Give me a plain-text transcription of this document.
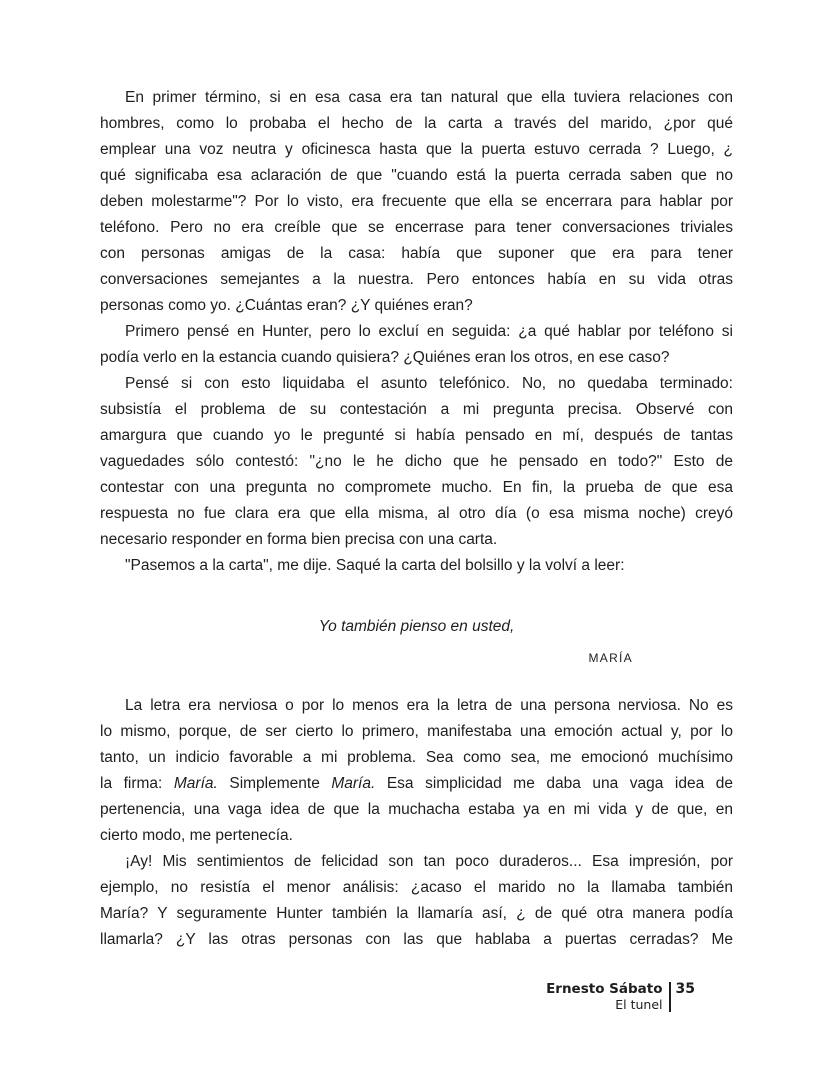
En primer término, si en esa casa era tan natural que ella tuviera relaciones con
hombres, como lo probaba el hecho de la carta a través del marido, ¿por qué
emplear una voz neutra y oficinesca hasta que la puerta estuvo cerrada ? Luego, ¿
qué significaba esa aclaración de que "cuando está la puerta cerrada saben que no
deben molestarme"? Por lo visto, era frecuente que ella se encerrara para hablar por
teléfono. Pero no era creíble que se encerrase para tener conversaciones triviales
con personas amigas de la casa: había que suponer que era para tener
conversaciones semejantes a la nuestra. Pero entonces había en su vida otras
personas como yo. ¿Cuántas eran? ¿Y quiénes eran?
Primero pensé en Hunter, pero lo excluí en seguida: ¿a qué hablar por teléfono si
podía verlo en la estancia cuando quisiera? ¿Quiénes eran los otros, en ese caso?
Pensé si con esto liquidaba el asunto telefónico. No, no quedaba terminado:
subsistía el problema de su contestación a mi pregunta precisa. Observé con
amargura que cuando yo le pregunté si había pensado en mí, después de tantas
vaguedades sólo contestó: "¿no le he dicho que he pensado en todo?" Esto de
contestar con una pregunta no compromete mucho. En fin, la prueba de que esa
respuesta no fue clara era que ella misma, al otro día (o esa misma noche) creyó
necesario responder en forma bien precisa con una carta.
"Pasemos a la carta", me dije. Saqué la carta del bolsillo y la volví a leer:
Yo también pienso en usted,
MARÍA
La letra era nerviosa o por lo menos era la letra de una persona nerviosa. No es
lo mismo, porque, de ser cierto lo primero, manifestaba una emoción actual y, por lo
tanto, un indicio favorable a mi problema. Sea como sea, me emocionó muchísimo
la firma: María. Simplemente María. Esa simplicidad me daba una vaga idea de
pertenencia, una vaga idea de que la muchacha estaba ya en mi vida y de que, en
cierto modo, me pertenecía.
¡Ay! Mis sentimientos de felicidad son tan poco duraderos... Esa impresión, por
ejemplo, no resistía el menor análisis: ¿acaso el marido no la llamaba también
María? Y seguramente Hunter también la llamaría así, ¿ de qué otra manera podía
llamarla? ¿Y las otras personas con las que hablaba a puertas cerradas? Me
Ernesto Sábato
El tunel
35
